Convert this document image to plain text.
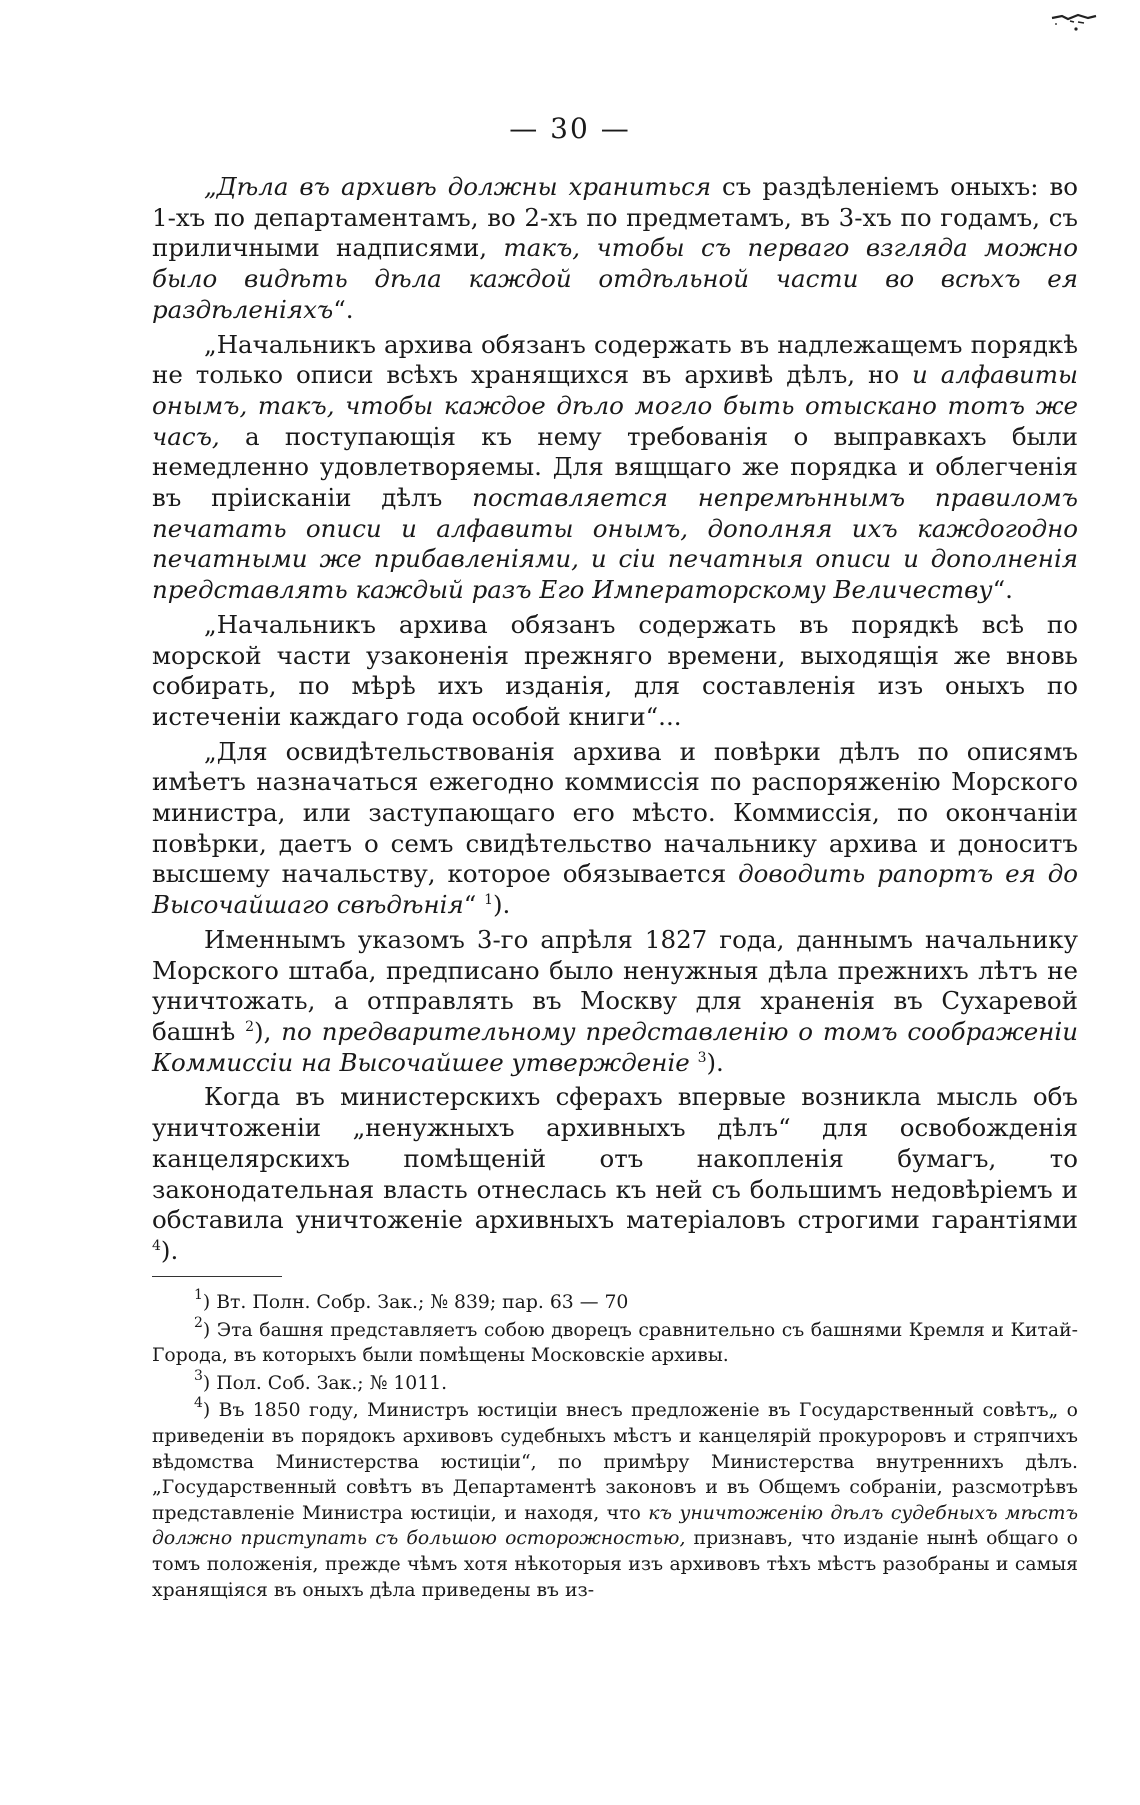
— 30 —

„Дѣла въ архивѣ должны храниться съ раздѣленіемъ оныхъ: во 1-хъ по департаментамъ, во 2-хъ по предметамъ, въ 3-хъ по годамъ, съ приличными надписями, такъ, чтобы съ перваго взгляда можно было видѣть дѣла каждой отдѣльной части во всѣхъ ея раздѣленіяхъ“.

„Начальникъ архива обязанъ содержать въ надлежащемъ порядкѣ не только описи всѣхъ хранящихся въ архивѣ дѣлъ, но и алфавиты онымъ, такъ, чтобы каждое дѣло могло быть отыскано тотъ же часъ, а поступающія къ нему требованія о выправкахъ были немедленно удовлетворяемы. Для вящщаго же порядка и облегченія въ пріисканіи дѣлъ поставляется непремѣннымъ правиломъ печатать описи и алфавиты онымъ, дополняя ихъ каждогодно печатными же прибавленіями, и сіи печатныя описи и дополненія представлять каждый разъ Его Императорскому Величеству“.

„Начальникъ архива обязанъ содержать въ порядкѣ всѣ по морской части узаконенія прежняго времени, выходящія же вновь собирать, по мѣрѣ ихъ изданія, для составленія изъ оныхъ по истеченіи каждаго года особой книги“...

„Для освидѣтельствованія архива и повѣрки дѣлъ по описямъ имѣетъ назначаться ежегодно коммиссія по распоряженію Морского министра, или заступающаго его мѣсто. Коммиссія, по окончаніи повѣрки, даетъ о семъ свидѣтельство начальнику архива и доноситъ высшему начальству, которое обязывается доводить рапортъ ея до Высочайшаго свѣдѣнія“ $^1$).

Именнымъ указомъ 3-го апрѣля 1827 года, даннымъ начальнику Морского штаба, предписано было ненужныя дѣла прежнихъ лѣтъ не уничтожать, а отправлять въ Москву для храненія въ Сухаревой башнѣ $^2$), по предварительному представленію о томъ соображеніи Коммиссіи на Высочайшее утвержденіе $^3$).

Когда въ министерскихъ сферахъ впервые возникла мысль объ уничтоженіи „ненужныхъ архивныхъ дѣлъ“ для освобожденія канцелярскихъ помѣщеній отъ накопленія бумагъ, то законодательная власть отнеслась къ ней съ большимъ недовѣріемъ и обставила уничтоженіе архивныхъ матеріаловъ строгими гарантіями $^4$).

$^1$) Вт. Полн. Собр. Зак.; № 839; пар. 63 — 70

$^2$) Эта башня представляетъ собою дворецъ сравнительно съ башнями Кремля и Китай-Города, въ которыхъ были помѣщены Московскіе архивы.

$^3$) Пол. Соб. Зак.; № 1011.

$^4$) Въ 1850 году, Министръ юстиціи внесъ предложеніе въ Государственный совѣтъ„ о приведеніи въ порядокъ архивовъ судебныхъ мѣстъ и канцелярій прокуроровъ и стряпчихъ вѣдомства Министерства юстиціи“, по примѣру Министерства внутреннихъ дѣлъ. „Государственный совѣтъ въ Департаментѣ законовъ и въ Общемъ собраніи, разсмотрѣвъ представленіе Министра юстиціи, и находя, что къ уничтоженію дѣлъ судебныхъ мѣстъ должно приступать съ большою осторожностью, признавъ, что изданіе нынѣ общаго о томъ положенія, прежде чѣмъ хотя нѣкоторыя изъ архивовъ тѣхъ мѣстъ разобраны и самыя хранящіяся въ оныхъ дѣла приведены въ из-
